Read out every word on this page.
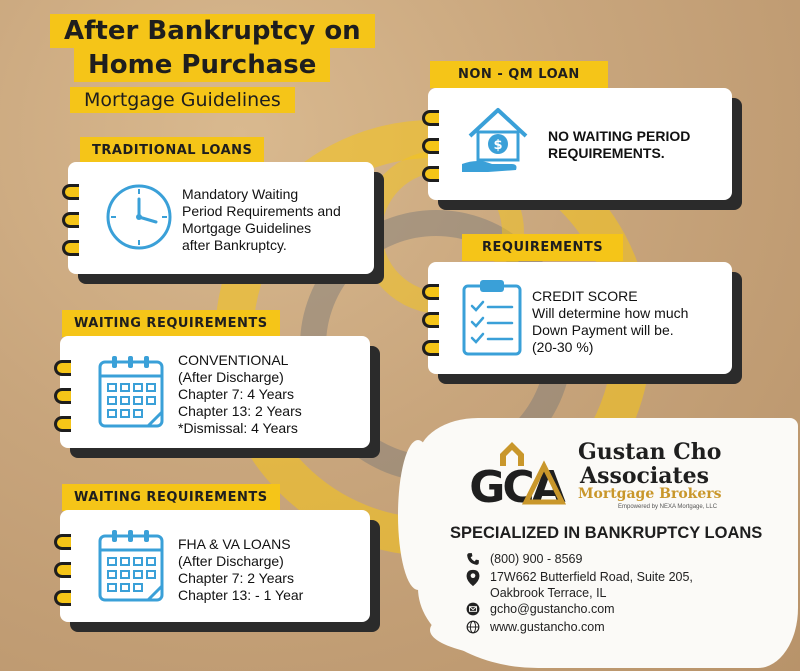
After Bankruptcy on
Home Purchase
Mortgage Guidelines
TRADITIONAL LOANS
Mandatory Waiting
Period Requirements and
Mortgage Guidelines
after Bankruptcy.
WAITING REQUIREMENTS
CONVENTIONAL
(After Discharge)
Chapter 7: 4 Years
Chapter 13: 2 Years
*Dismissal: 4 Years
WAITING REQUIREMENTS
FHA & VA LOANS
(After Discharge)
Chapter 7: 2 Years
Chapter 13: - 1 Year
NON - QM LOAN
$
NO WAITING PERIOD
REQUIREMENTS.
REQUIREMENTS
CREDIT SCORE
Will determine how much
Down Payment will be.
(20-30 %)
GCA
Gustan Cho
Associates
Mortgage Brokers
Empowered by NEXA Mortgage, LLC
SPECIALIZED IN BANKRUPTCY LOANS
(800) 900 - 8569
17W662 Butterfield Road, Suite 205,
Oakbrook Terrace, IL
gcho@gustancho.com
www.gustancho.com
